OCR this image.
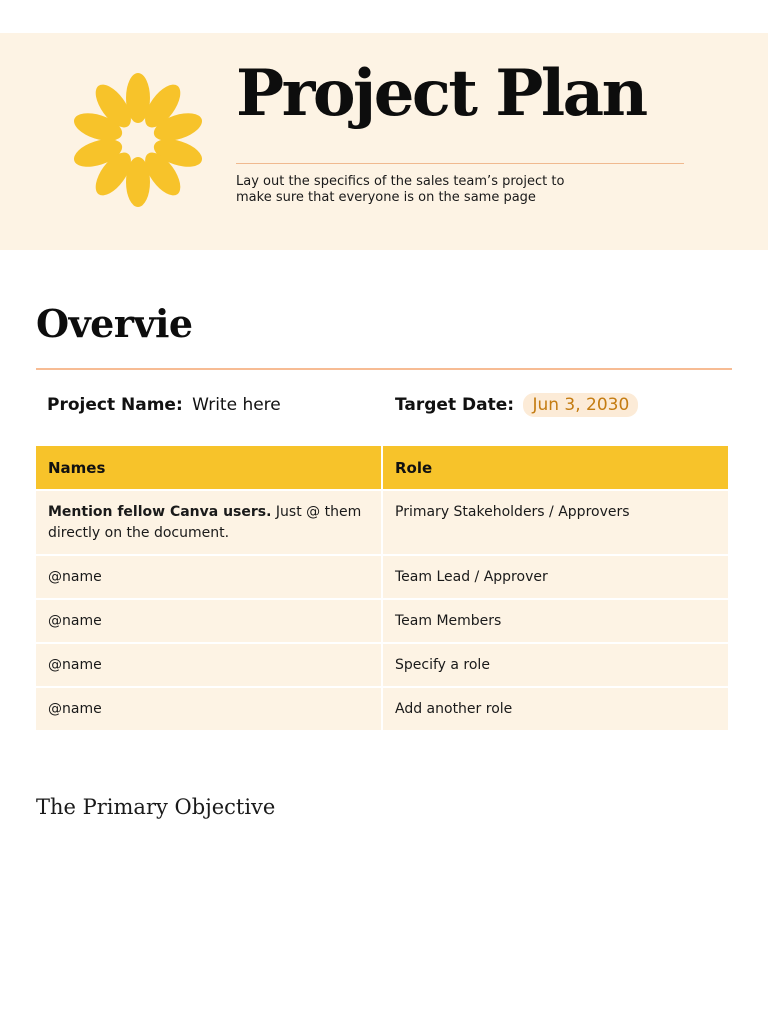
Project Plan

Lay out the specifics of the sales team’s project to make sure that everyone is on the same page

Overvie
Project Name: Write here	Target Date: Jun 3, 2030
Names	Role
Mention fellow Canva users. Just @ them directly on the document.	Primary Stakeholders / Approvers
@name	Team Lead / Approver
@name	Team Members
@name	Specify a role
@name	Add another role
The Primary Objective
